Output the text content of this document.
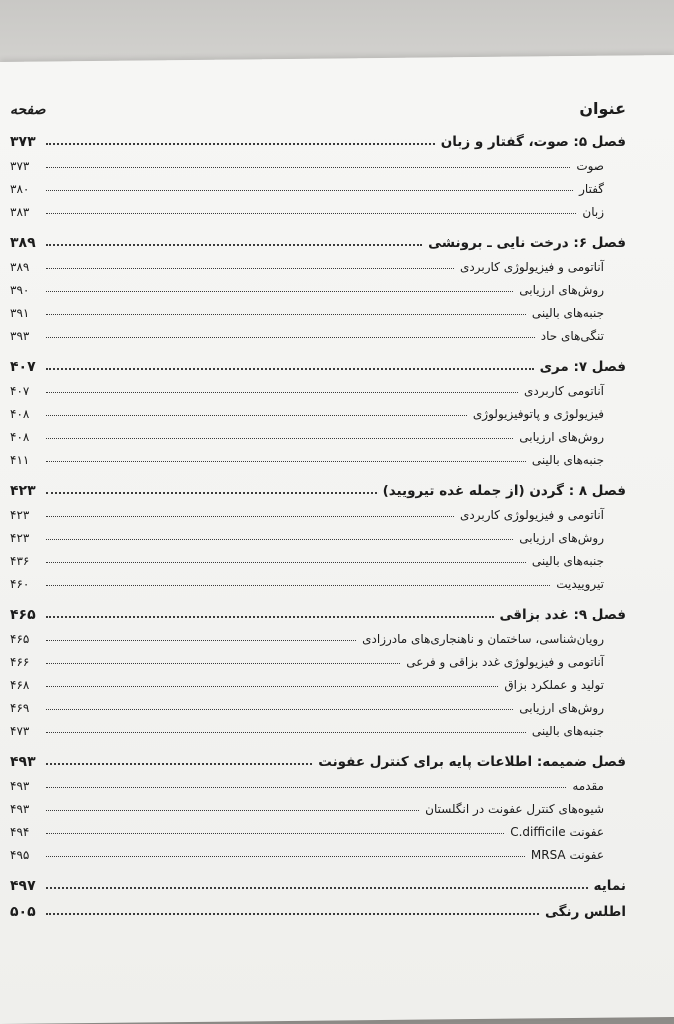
عنوان
صفحه
فصل ۵: صوت، گفتار و زبان
۳۷۳
صوت
۳۷۳
گفتار
۳۸۰
زبان
۳۸۳
فصل ۶: درخت نایی ـ برونشی
۳۸۹
آناتومی و فیزیولوژی کاربردی
۳۸۹
روش‌های ارزیابی
۳۹۰
جنبه‌های بالینی
۳۹۱
تنگی‌های حاد
۳۹۳
فصل ۷: مری
۴۰۷
آناتومی کاربردی
۴۰۷
فیزیولوژی و پاتوفیزیولوژی
۴۰۸
روش‌های ارزیابی
۴۰۸
جنبه‌های بالینی
۴۱۱
فصل ۸ : گردن (از جمله غده تیرویید)
۴۲۳
آناتومی و فیزیولوژی کاربردی
۴۲۳
روش‌های ارزیابی
۴۲۳
جنبه‌های بالینی
۴۳۶
تیروییدیت
۴۶۰
فصل ۹: غدد بزاقی
۴۶۵
رویان‌شناسی، ساختمان و ناهنجاری‌های مادرزادی
۴۶۵
آناتومی و فیزیولوژی غدد بزاقی و فرعی
۴۶۶
تولید و عملکرد بزاق
۴۶۸
روش‌های ارزیابی
۴۶۹
جنبه‌های بالینی
۴۷۳
فصل ضمیمه: اطلاعات پایه برای کنترل عفونت
۴۹۳
مقدمه
۴۹۳
شیوه‌های کنترل عفونت در انگلستان
۴۹۳
عفونت C.difficile
۴۹۴
عفونت MRSA
۴۹۵
نمایه
۴۹۷
اطلس رنگی
۵۰۵
